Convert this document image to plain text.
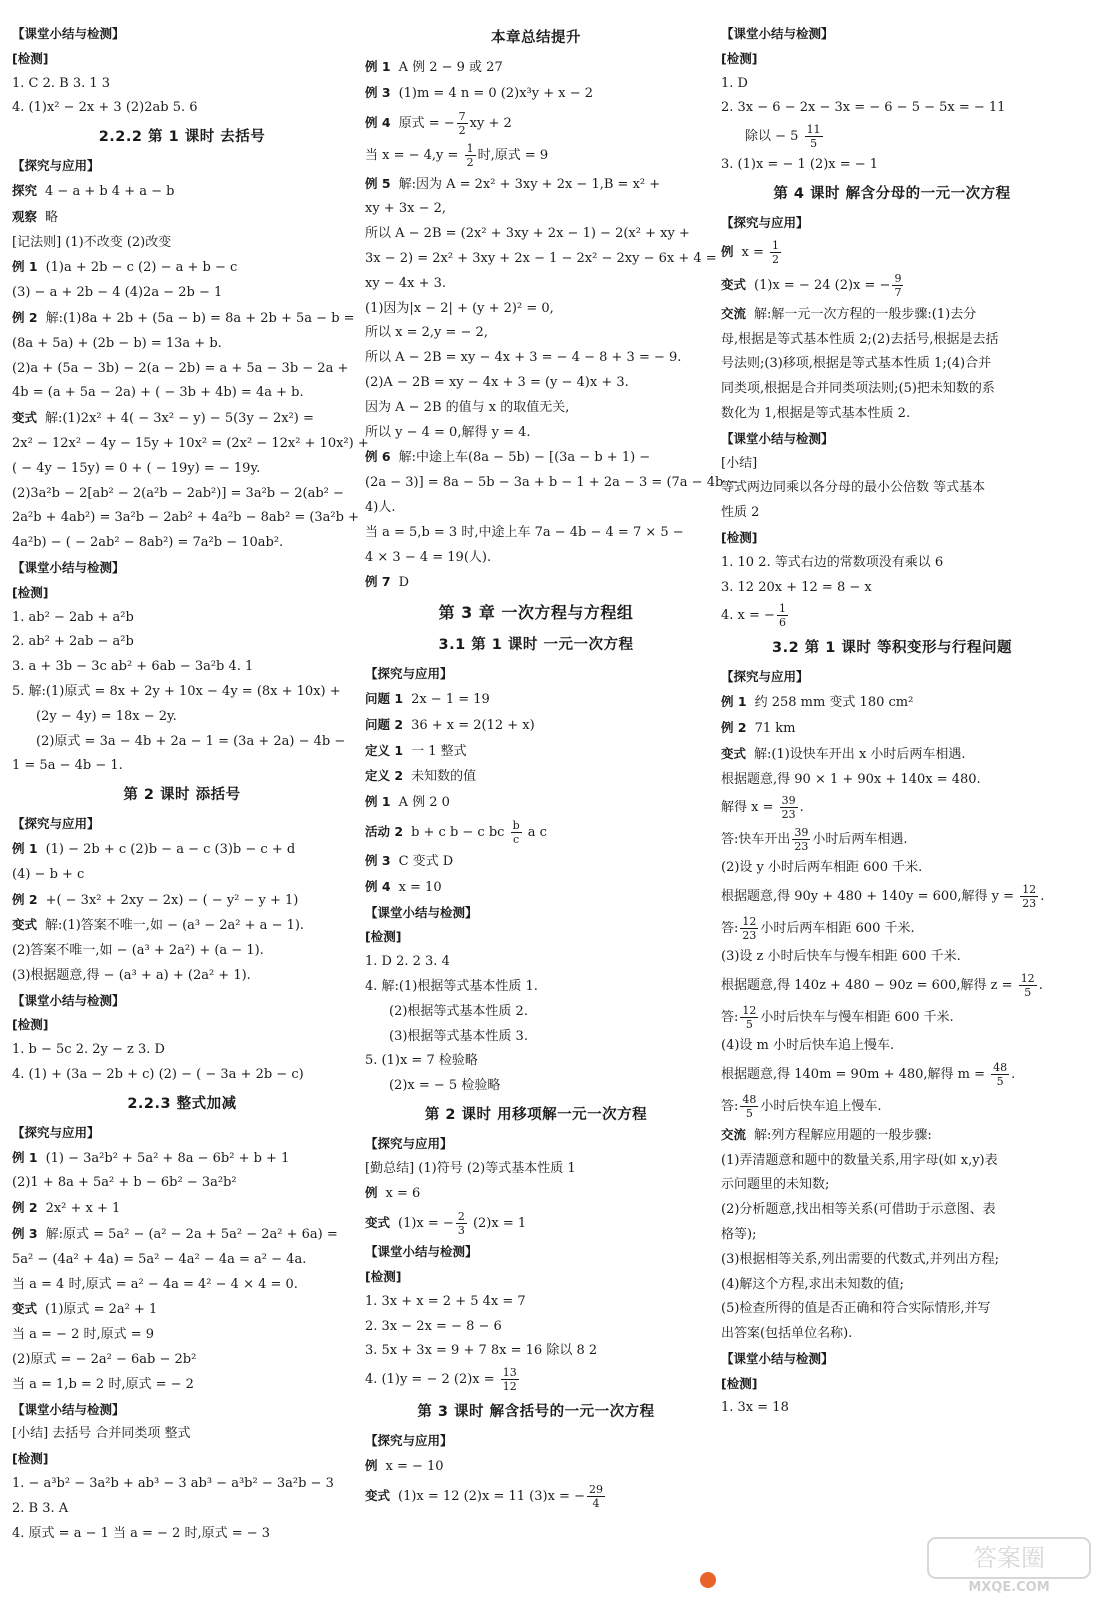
【课堂小结与检测】
[检测]
1. C 2. B 3. 1 3
4. (1)x² − 2x + 3 (2)2ab 5. 6
2.2.2 第 1 课时 去括号
【探究与应用】
探究 4 − a + b 4 + a − b
观察 略
[记法则] (1)不改变 (2)改变
例 1 (1)a + 2b − c (2) − a + b − c
(3) − a + 2b − 4 (4)2a − 2b − 1
例 2 解:(1)8a + 2b + (5a − b) = 8a + 2b + 5a − b =
(8a + 5a) + (2b − b) = 13a + b.
(2)a + (5a − 3b) − 2(a − 2b) = a + 5a − 3b − 2a +
4b = (a + 5a − 2a) + ( − 3b + 4b) = 4a + b.
变式 解:(1)2x² + 4( − 3x² − y) − 5(3y − 2x²) =
2x² − 12x² − 4y − 15y + 10x² = (2x² − 12x² + 10x²) +
( − 4y − 15y) = 0 + ( − 19y) = − 19y.
(2)3a²b − 2[ab² − 2(a²b − 2ab²)] = 3a²b − 2(ab² −
2a²b + 4ab²) = 3a²b − 2ab² + 4a²b − 8ab² = (3a²b +
4a²b) − ( − 2ab² − 8ab²) = 7a²b − 10ab².
【课堂小结与检测】
[检测]
1. ab² − 2ab + a²b
2. ab² + 2ab − a²b
3. a + 3b − 3c ab² + 6ab − 3a²b 4. 1
5. 解:(1)原式 = 8x + 2y + 10x − 4y = (8x + 10x) +
(2y − 4y) = 18x − 2y.
(2)原式 = 3a − 4b + 2a − 1 = (3a + 2a) − 4b −
1 = 5a − 4b − 1.
第 2 课时 添括号
【探究与应用】
例 1 (1) − 2b + c (2)b − a − c (3)b − c + d
(4) − b + c
例 2 +( − 3x² + 2xy − 2x) − ( − y² − y + 1)
变式 解:(1)答案不唯一,如 − (a³ − 2a² + a − 1).
(2)答案不唯一,如 − (a³ + 2a²) + (a − 1).
(3)根据题意,得 − (a³ + a) + (2a² + 1).
【课堂小结与检测】
[检测]
1. b − 5c 2. 2y − z 3. D
4. (1) + (3a − 2b + c) (2) − ( − 3a + 2b − c)
2.2.3 整式加减
【探究与应用】
例 1 (1) − 3a²b² + 5a² + 8a − 6b² + b + 1
(2)1 + 8a + 5a² + b − 6b² − 3a²b²
例 2 2x² + x + 1
例 3 解:原式 = 5a² − (a² − 2a + 5a² − 2a² + 6a) =
5a² − (4a² + 4a) = 5a² − 4a² − 4a = a² − 4a.
当 a = 4 时,原式 = a² − 4a = 4² − 4 × 4 = 0.
变式 (1)原式 = 2a² + 1
当 a = − 2 时,原式 = 9
(2)原式 = − 2a² − 6ab − 2b²
当 a = 1,b = 2 时,原式 = − 2
【课堂小结与检测】
[小结] 去括号 合并同类项 整式
[检测]
1. − a³b² − 3a²b + ab³ − 3 ab³ − a³b² − 3a²b − 3
2. B 3. A
4. 原式 = a − 1 当 a = − 2 时,原式 = − 3
本章总结提升
例 1 A 例 2 − 9 或 27
例 3 (1)m = 4 n = 0 (2)x³y + x − 2
例 4 原式 = − $\frac{7}{2}$ xy + 2
当 x = − $4,y = \frac{1}{2}$ 时,原式 = 9
例 5 解:因为 A = 2x² + 3xy + 2x − 1,B = x² +
xy + 3x − 2,
所以 A − 2B = (2x² + 3xy + 2x − 1) − 2(x² + xy +
3x − 2) = 2x² + 3xy + 2x − 1 − 2x² − 2xy − 6x + 4 =
xy − 4x + 3.
(1)因为|x − 2| + (y + 2)² = 0,
所以 x = 2,y = − 2,
所以 A − 2B = xy − 4x + 3 = − 4 − 8 + 3 = − 9.
(2)A − 2B = xy − 4x + 3 = (y − 4)x + 3.
因为 A − 2B 的值与 x 的取值无关,
所以 y − 4 = 0,解得 y = 4.
例 6 解:中途上车(8a − 5b) − [(3a − b + 1) −
(2a − 3)] = 8a − 5b − 3a + b − 1 + 2a − 3 = (7a − 4b −
4)人.
当 a = 5,b = 3 时,中途上车 7a − 4b − 4 = 7 × 5 −
4 × 3 − 4 = 19(人).
例 7 D
第 3 章 一次方程与方程组
3.1 第 1 课时 一元一次方程
【探究与应用】
问题 1 2x − 1 = 19
问题 2 36 + x = 2(12 + x)
定义 1 一 1 整式
定义 2 未知数的值
例 1 A 例 2 0
活动 2 b + c b − c bc $\frac{b}{c}$ a c
例 3 C 变式 D
例 4 x = 10
【课堂小结与检测】
[检测]
1. D 2. 2 3. 4
4. 解:(1)根据等式基本性质 1.
(2)根据等式基本性质 2.
(3)根据等式基本性质 3.
5. (1)x = 7 检验略
(2)x = − 5 检验略
第 2 课时 用移项解一元一次方程
【探究与应用】
[勤总结] (1)符号 (2)等式基本性质 1
例 x = 6
变式 (1)x = − $\frac{2}{3} (2)x = 1$
【课堂小结与检测】
[检测]
1. 3x + x = 2 + 5 4x = 7
2. 3x − 2x = − 8 − 6
3. 5x + 3x = 9 + 7 8x = 16 除以 8 2
4. (1)y = − 2 $(2)x = \frac{13}{12}$
第 3 课时 解含括号的一元一次方程
【探究与应用】
例 x = − 10
变式 (1)x = 12 (2)x = 11 (3)x = − $\frac{29}{4}$
【课堂小结与检测】
[检测]
1. D
2. 3x − 6 − 2x − 3x = − 6 − 5 − 5x = − 11
除以 − $5 \frac{11}{5}$
3. (1)x = − 1 (2)x = − 1
第 4 课时 解含分母的一元一次方程
【探究与应用】
例 $x = \frac{1}{2}$
变式 (1)x = − 24 (2)x = − $\frac{9}{7}$
交流 解:解一元一次方程的一般步骤:(1)去分
母,根据是等式基本性质 2;(2)去括号,根据是去括
号法则;(3)移项,根据是等式基本性质 1;(4)合并
同类项,根据是合并同类项法则;(5)把未知数的系
数化为 1,根据是等式基本性质 2.
【课堂小结与检测】
[小结]
等式两边同乘以各分母的最小公倍数 等式基本
性质 2
[检测]
1. 10 2. 等式右边的常数项没有乘以 6
3. 12 20x + 12 = 8 − x
4. x = − $\frac{1}{6}$
3.2 第 1 课时 等积变形与行程问题
【探究与应用】
例 1 约 258 mm 变式 180 cm²
例 2 71 km
变式 解:(1)设快车开出 x 小时后两车相遇.
根据题意,得 90 × 1 + 90x + 140x = 480.
解得 $x = \frac{39}{23}$ .
答:快车开出 $\frac{39}{23}$ 小时后两车相遇.
(2)设 y 小时后两车相距 600 千米.
根据题意,得 90y + 480 + 140y = 600,解得 $y = \frac{12}{23}$ .
答: $\frac{12}{23}$ 小时后两车相距 600 千米.
(3)设 z 小时后快车与慢车相距 600 千米.
根据题意,得 140z + 480 − 90z = 600,解得 $z = \frac{12}{5}$ .
答: $\frac{12}{5}$ 小时后快车与慢车相距 600 千米.
(4)设 m 小时后快车追上慢车.
根据题意,得 140m = 90m + 480,解得 $m = \frac{48}{5}$ .
答: $\frac{48}{5}$ 小时后快车追上慢车.
交流 解:列方程解应用题的一般步骤:
(1)弄清题意和题中的数量关系,用字母(如 x,y)表
示问题里的未知数;
(2)分析题意,找出相等关系(可借助于示意图、表
格等);
(3)根据相等关系,列出需要的代数式,并列出方程;
(4)解这个方程,求出未知数的值;
(5)检查所得的值是否正确和符合实际情形,并写
出答案(包括单位名称).
【课堂小结与检测】
[检测]
1. 3x = 18
答案圈
MXQE.COM
